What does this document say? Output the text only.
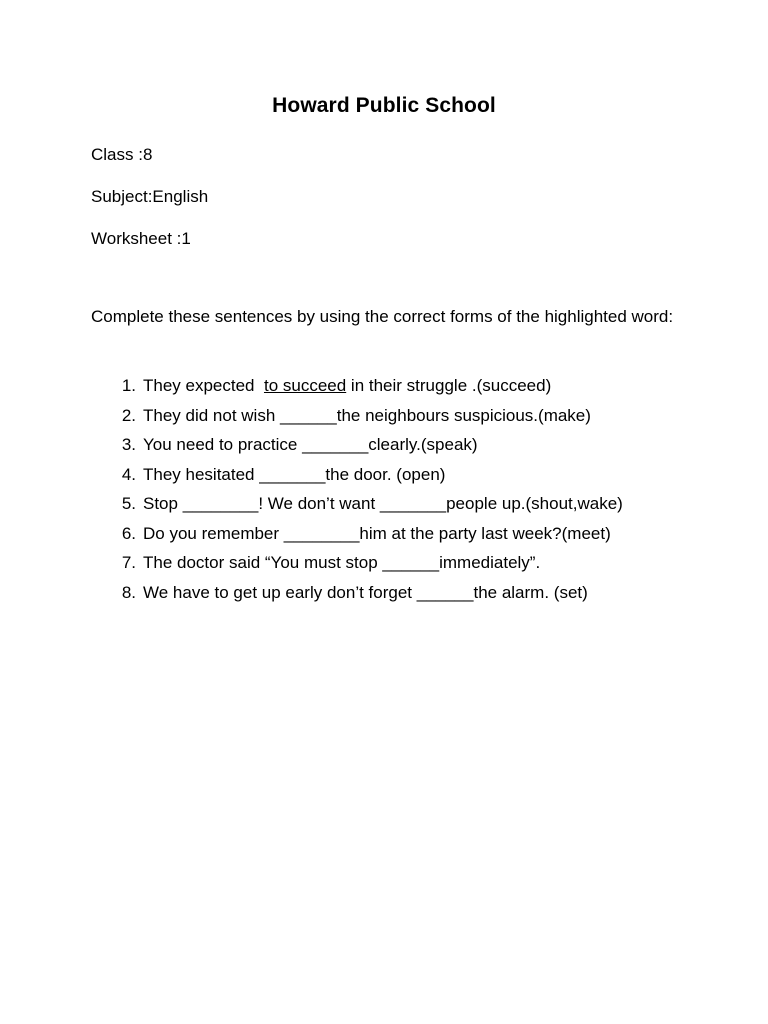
Howard Public School
Class :8
Subject:English
Worksheet :1
Complete these sentences by using the correct forms of the highlighted word:
1. They expected  to succeed in their struggle .(succeed)
2. They did not wish ______the neighbours suspicious.(make)
3. You need to practice _______clearly.(speak)
4. They hesitated _______the door. (open)
5. Stop ________! We don’t want _______people up.(shout,wake)
6. Do you remember ________him at the party last week?(meet)
7. The doctor said “You must stop ______immediately”.
8. We have to get up early don’t forget ______the alarm. (set)
